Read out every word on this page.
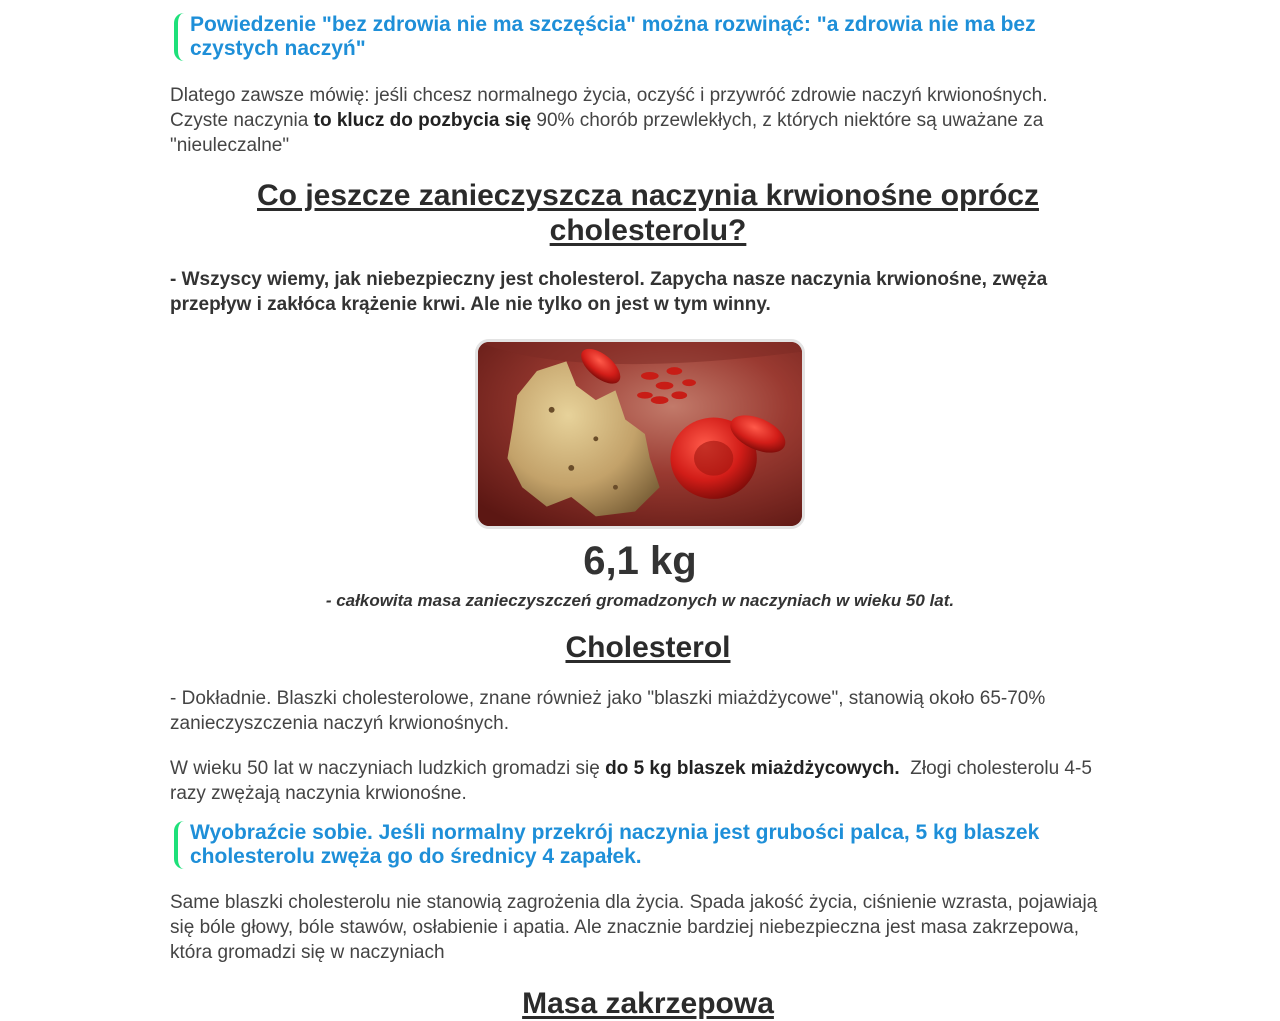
Powiedzenie "bez zdrowia nie ma szczęścia" można rozwinąć: "a zdrowia nie ma bez czystych naczyń"
Dlatego zawsze mówię: jeśli chcesz normalnego życia, oczyść i przywróć zdrowie naczyń krwionośnych.
Czyste naczynia to klucz do pozbycia się 90% chorób przewlekłych, z których niektóre są uważane za "nieuleczalne"
Co jeszcze zanieczyszcza naczynia krwionośne oprócz cholesterolu?
- Wszyscy wiemy, jak niebezpieczny jest cholesterol. Zapycha nasze naczynia krwionośne, zwęża przepływ i zakłóca krążenie krwi. Ale nie tylko on jest w tym winny.
6,1 kg
- całkowita masa zanieczyszczeń gromadzonych w naczyniach w wieku 50 lat.
Cholesterol
- Dokładnie. Blaszki cholesterolowe, znane również jako "blaszki miażdżycowe", stanowią około 65-70% zanieczyszczenia naczyń krwionośnych.
W wieku 50 lat w naczyniach ludzkich gromadzi się do 5 kg blaszek miażdżycowych.  Złogi cholesterolu 4-5 razy zwężają naczynia krwionośne.
Wyobraźcie sobie. Jeśli normalny przekrój naczynia jest grubości palca, 5 kg blaszek cholesterolu zwęża go do średnicy 4 zapałek.
Same blaszki cholesterolu nie stanowią zagrożenia dla życia. Spada jakość życia, ciśnienie wzrasta, pojawiają się bóle głowy, bóle stawów, osłabienie i apatia. Ale znacznie bardziej niebezpieczna jest masa zakrzepowa, która gromadzi się w naczyniach
Masa zakrzepowa
